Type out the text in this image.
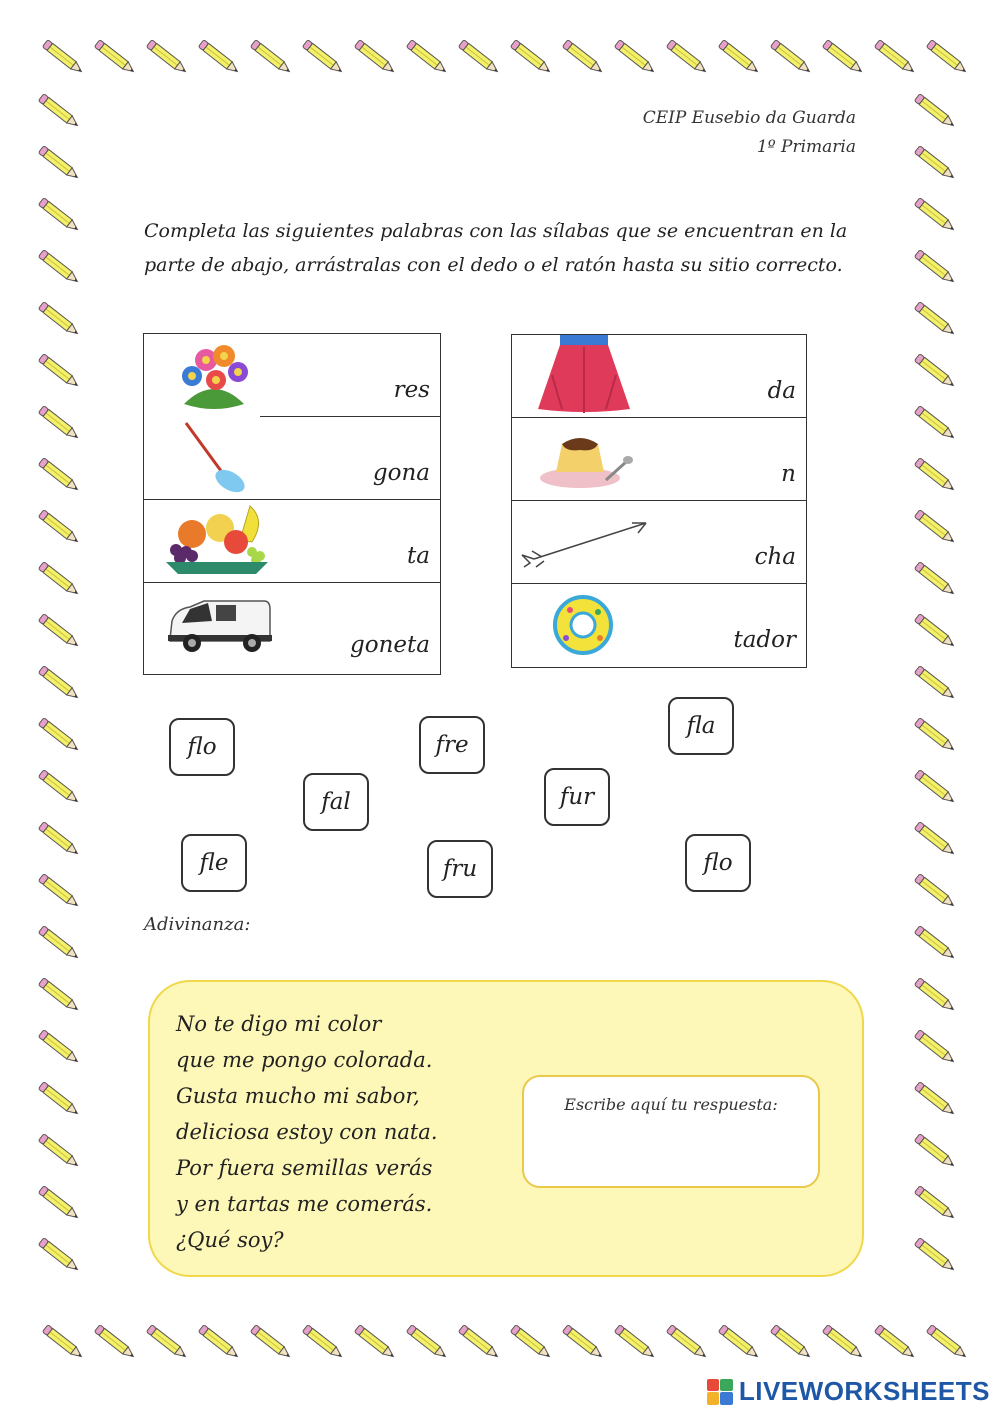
CEIP Eusebio da Guarda
1º Primaria
Completa las siguientes palabras con las sílabas que se encuentran en la parte de abajo, arrástralas con el dedo o el ratón hasta su sitio correcto.
res
gona
ta
goneta
da
n
cha
tador
flo
fal
fre
fur
fla
fle	fru	flo
Adivinanza:
No te digo mi color
que me pongo colorada.
Gusta mucho mi sabor,
deliciosa estoy con nata.
Por fuera semillas verás
y en tartas me comerás.
¿Qué soy?
Escribe aquí tu respuesta:
LIVEWORKSHEETS
